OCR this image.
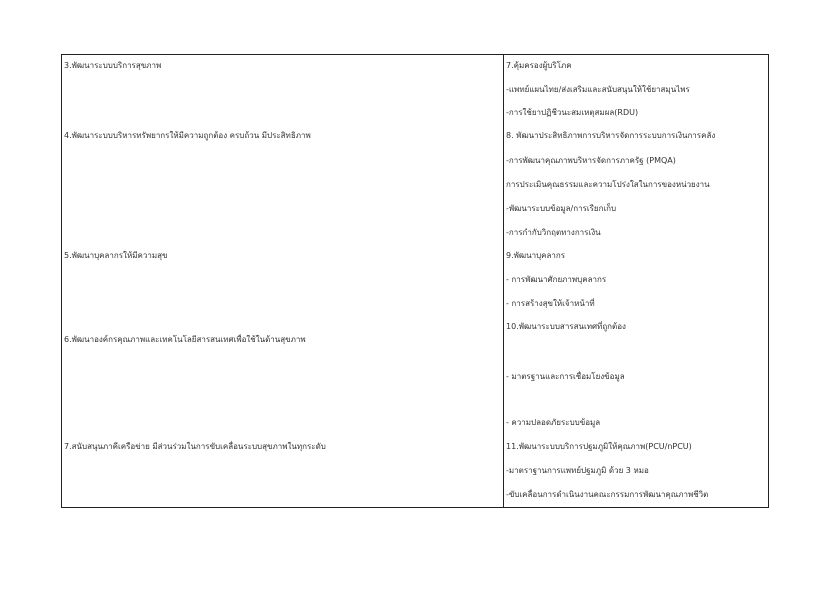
3.พัฒนาระบบบริการสุขภาพ
4.พัฒนาระบบบริหารทรัพยากรให้มีความถูกต้อง ครบถ้วน มีประสิทธิภาพ
5.พัฒนาบุคลากรให้มีความสุข
6.พัฒนาองค์กรคุณภาพและเทคโนโลยีสารสนเทศเพื่อใช้ในด้านสุขภาพ
7.สนับสนุนภาคีเครือข่าย มีส่วนร่วมในการขับเคลื่อนระบบสุขภาพในทุกระดับ
7.คุ้มครองผู้บริโภค
-แพทย์แผนไทย/ส่งเสริมและสนับสนุนให้ใช้ยาสมุนไพร
-การใช้ยาปฏิชีวนะสมเหตุสมผล(RDU)
8. พัฒนาประสิทธิภาพการบริหารจัดการระบบการเงินการคลัง
-การพัฒนาคุณภาพบริหารจัดการภาครัฐ (PMQA)
การประเมินคุณธรรมและความโปร่งใสในการของหน่วยงาน
-พัฒนาระบบข้อมูล/การเรียกเก็บ
-การกำกับวิกฤตทางการเงิน
9.พัฒนาบุคลากร
- การพัฒนาศักยภาพบุคลากร
- การสร้างสุขให้เจ้าหน้าที่
10.พัฒนาระบบสารสนเทศที่ถูกต้อง
- มาตรฐานและการเชื่อมโยงข้อมูล
- ความปลอดภัยระบบข้อมูล
11.พัฒนาระบบบริการปฐมภูมิให้คุณภาพ(PCU/nPCU)
-มาตราฐานการแพทย์ปฐมภูมิ ด้วย 3 หมอ
-ขับเคลื่อนการดำเนินงานคณะกรรมการพัฒนาคุณภาพชีวิต
